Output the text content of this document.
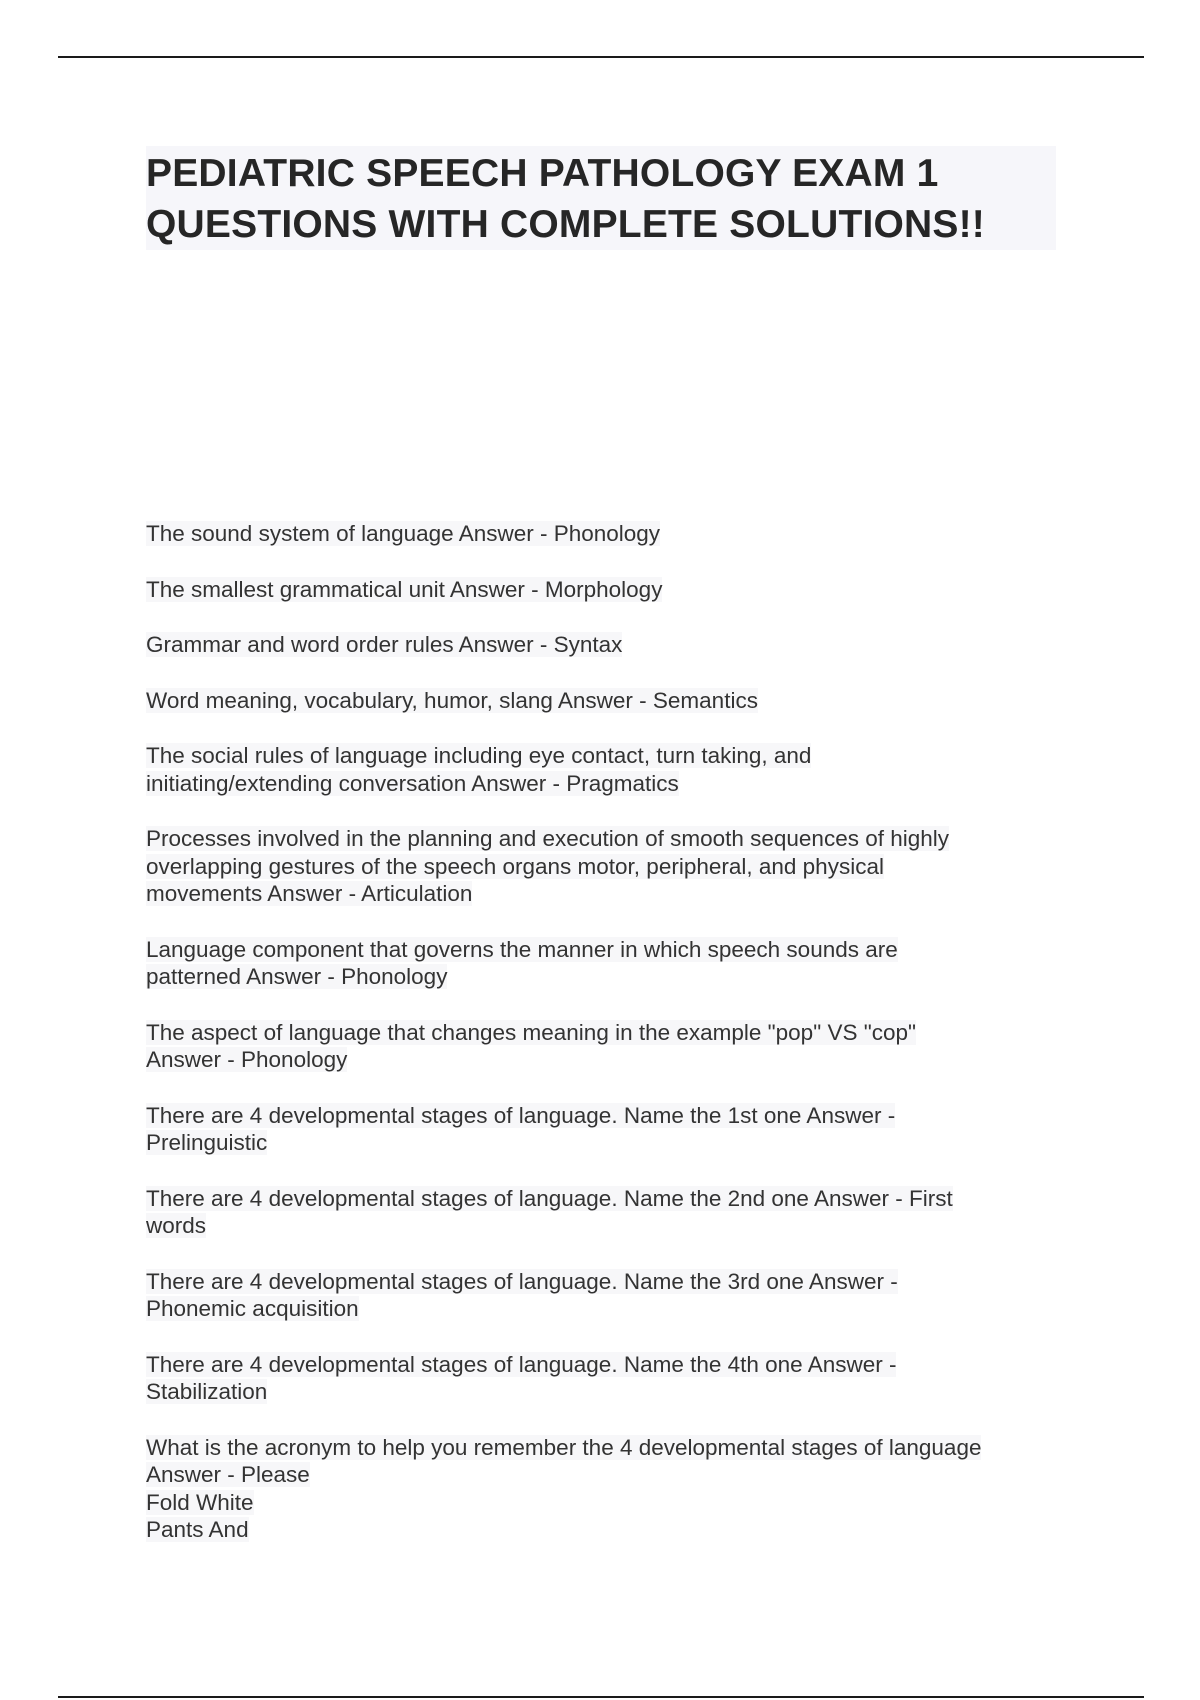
PEDIATRIC SPEECH PATHOLOGY EXAM 1 QUESTIONS WITH COMPLETE SOLUTIONS!!
The sound system of language Answer - Phonology
The smallest grammatical unit Answer - Morphology
Grammar and word order rules Answer - Syntax
Word meaning, vocabulary, humor, slang Answer - Semantics
The social rules of language including eye contact, turn taking, and
initiating/extending conversation Answer - Pragmatics
Processes involved in the planning and execution of smooth sequences of highly
overlapping gestures of the speech organs motor, peripheral, and physical
movements Answer - Articulation
Language component that governs the manner in which speech sounds are
patterned Answer - Phonology
The aspect of language that changes meaning in the example "pop" VS "cop"
Answer - Phonology
There are 4 developmental stages of language. Name the 1st one Answer -
Prelinguistic
There are 4 developmental stages of language. Name the 2nd one Answer - First
words
There are 4 developmental stages of language. Name the 3rd one Answer -
Phonemic acquisition
There are 4 developmental stages of language. Name the 4th one Answer -
Stabilization
What is the acronym to help you remember the 4 developmental stages of language
Answer - Please
Fold White
Pants And
